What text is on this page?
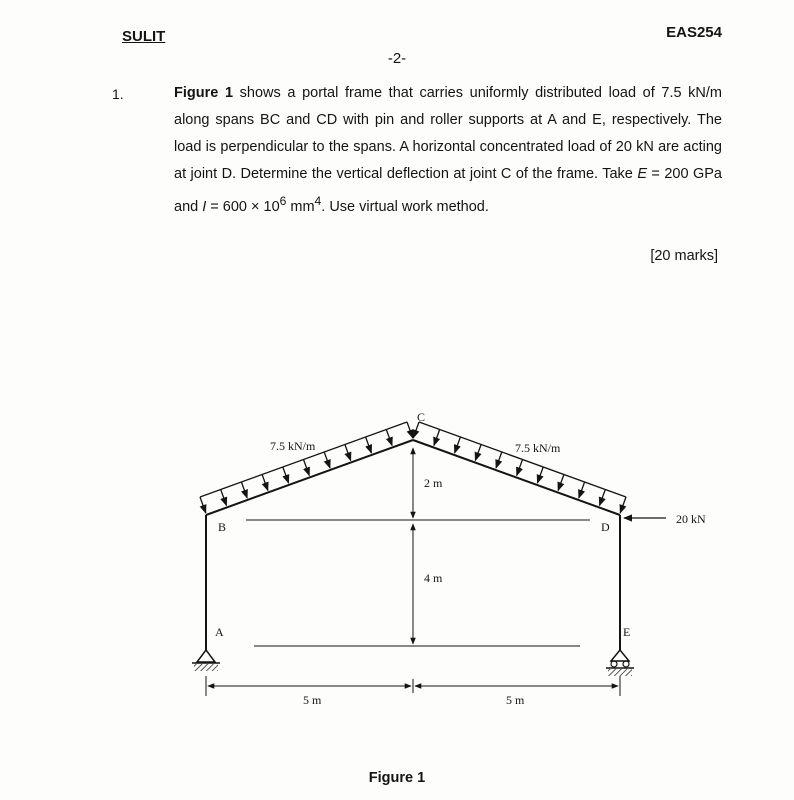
SULIT	EAS254
-2-
1.	Figure 1 shows a portal frame that carries uniformly distributed load of 7.5 kN/m along spans BC and CD with pin and roller supports at A and E, respectively. The load is perpendicular to the spans. A horizontal concentrated load of 20 kN are acting at joint D. Determine the vertical deflection at joint C of the frame. Take E = 200 GPa and $I = 600 \times 10^6$ $mm^4$. Use virtual work method.
[20 marks]
7.5 kN/m	7.5 kN/m
C
B	D
A	E
2 m
4 m
5 m	5 m
20 kN
Figure 1
